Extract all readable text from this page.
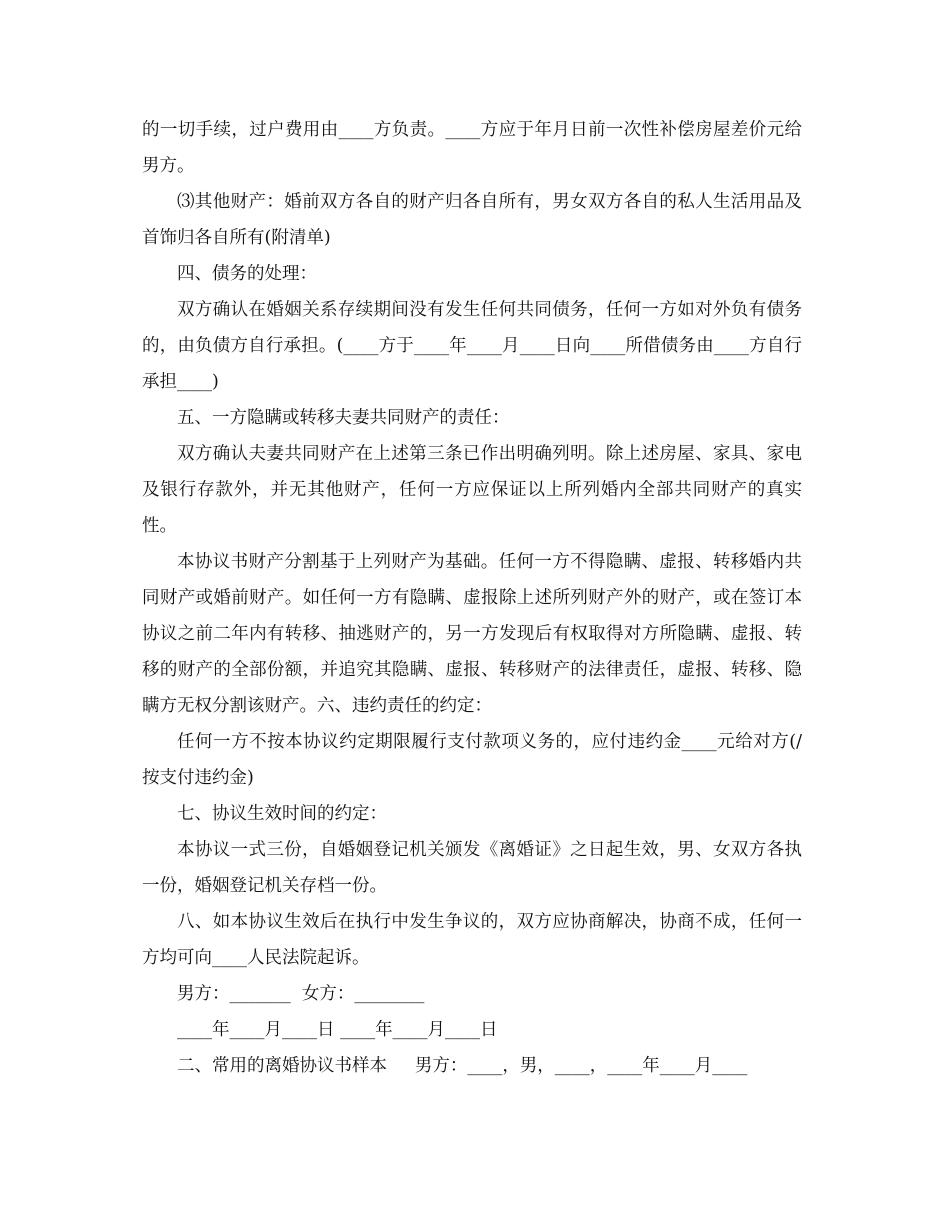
的一切手续，过户费用由____方负责。____方应于年月日前一次性补偿房屋差价元给男方。

⑶其他财产：婚前双方各自的财产归各自所有，男女双方各自的私人生活用品及首饰归各自所有(附清单)

四、债务的处理：

双方确认在婚姻关系存续期间没有发生任何共同债务，任何一方如对外负有债务的，由负债方自行承担。(____方于____年____月____日向____所借债务由____方自行承担____)

五、一方隐瞒或转移夫妻共同财产的责任：

双方确认夫妻共同财产在上述第三条已作出明确列明。除上述房屋、家具、家电及银行存款外，并无其他财产，任何一方应保证以上所列婚内全部共同财产的真实性。

本协议书财产分割基于上列财产为基础。任何一方不得隐瞒、虚报、转移婚内共同财产或婚前财产。如任何一方有隐瞒、虚报除上述所列财产外的财产，或在签订本协议之前二年内有转移、抽逃财产的，另一方发现后有权取得对方所隐瞒、虚报、转移的财产的全部份额，并追究其隐瞒、虚报、转移财产的法律责任，虚报、转移、隐瞒方无权分割该财产。六、违约责任的约定：

任何一方不按本协议约定期限履行支付款项义务的，应付违约金____元给对方(/按支付违约金)

七、协议生效时间的约定：

本协议一式三份，自婚姻登记机关颁发《离婚证》之日起生效，男、女双方各执一份，婚姻登记机关存档一份。

八、如本协议生效后在执行中发生争议的，双方应协商解决，协商不成，任何一方均可向____人民法院起诉。

男方：_______  女方：________

____年____月____日 ____年____月____日

二、常用的离婚协议书样本     男方：____，男，____，____年____月____
